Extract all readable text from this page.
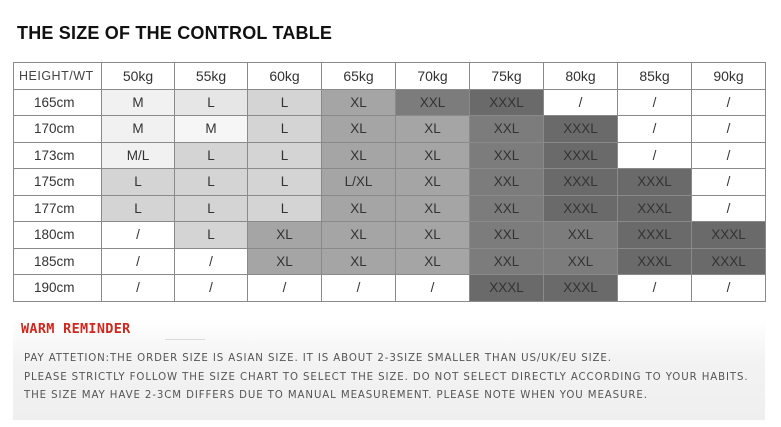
THE SIZE OF THE CONTROL TABLE
HEIGHT/WT	50kg	55kg	60kg	65kg	70kg	75kg	80kg	85kg	90kg
165cm	M	L	L	XL	XXL	XXXL	/	/	/
170cm	M	M	L	XL	XL	XXL	XXXL	/	/
173cm	M/L	L	L	XL	XL	XXL	XXXL	/	/
175cm	L	L	L	L/XL	XL	XXL	XXXL	XXXL	/
177cm	L	L	L	XL	XL	XXL	XXXL	XXXL	/
180cm	/	L	XL	XL	XL	XXL	XXL	XXXL	XXXL
185cm	/	/	XL	XL	XL	XXL	XXL	XXXL	XXXL
190cm	/	/	/	/	/	XXXL	XXXL	/	/
WARM REMINDER
PAY ATTETION:THE ORDER SIZE IS ASIAN SIZE. IT IS ABOUT 2-3SIZE SMALLER THAN US/UK/EU SIZE.
PLEASE STRICTLY FOLLOW THE SIZE CHART TO SELECT THE SIZE. DO NOT SELECT DIRECTLY ACCORDING TO YOUR HABITS.
THE SIZE MAY HAVE 2-3CM DIFFERS DUE TO MANUAL MEASUREMENT. PLEASE NOTE WHEN YOU MEASURE.
